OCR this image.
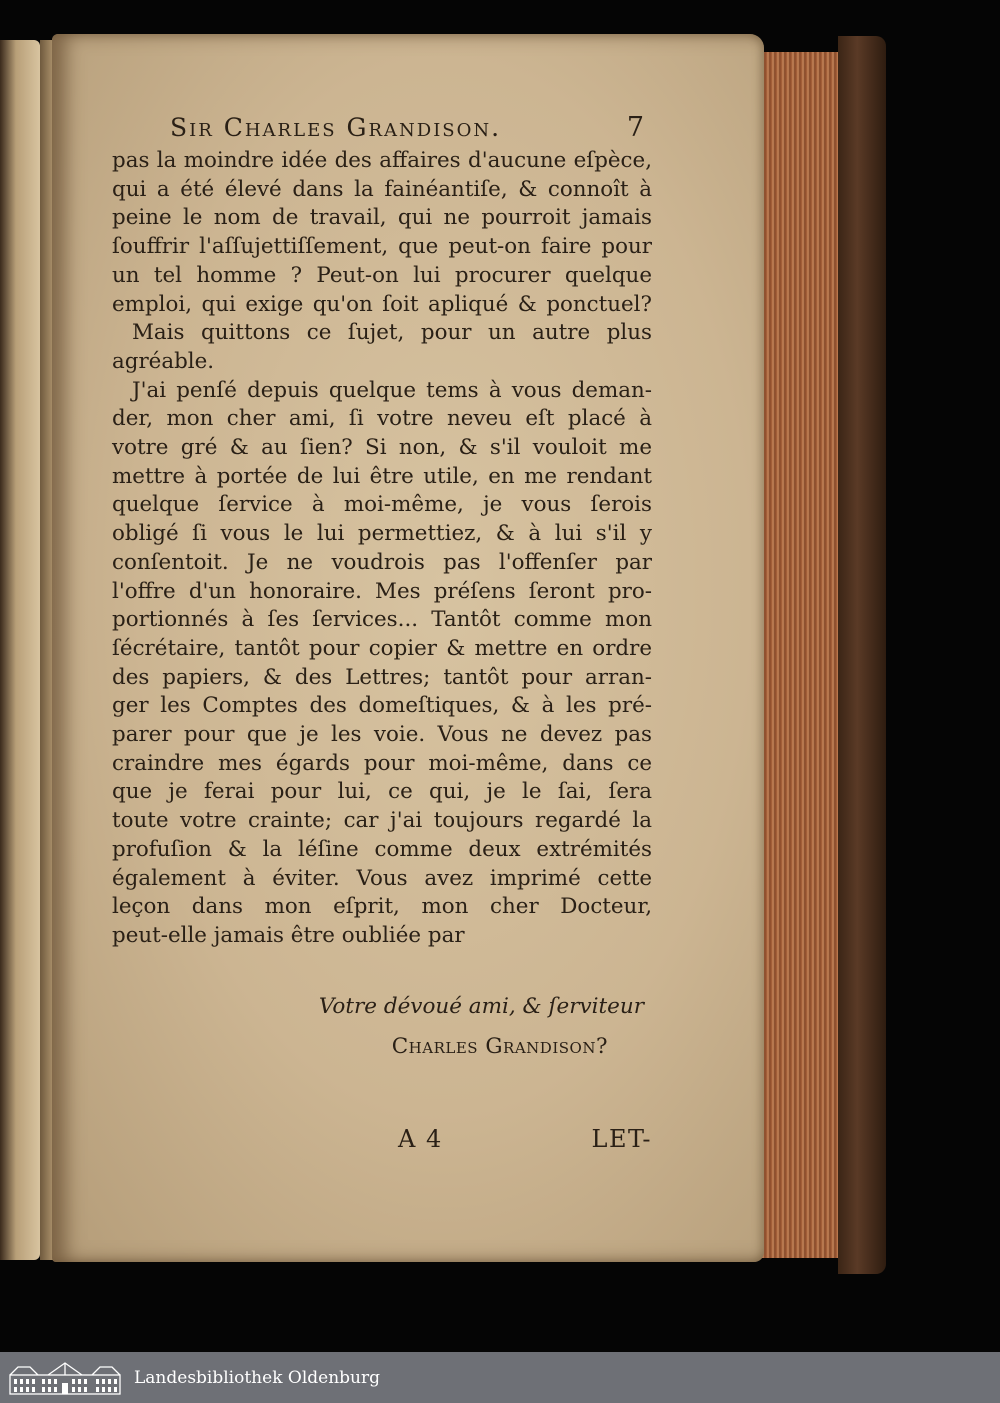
Sir Charles Grandison.	7
pas la moindre idée des affaires d'aucune eſpèce,
qui a été élevé dans la fainéantiſe, & connoît à
peine le nom de travail, qui ne pourroit jamais
ſouffrir l'aſſujettiſſement, que peut-on faire pour
un tel homme ? Peut-on lui procurer quelque
emploi, qui exige qu'on ſoit apliqué & ponctuel?
Mais quittons ce ſujet, pour un autre plus
agréable.
J'ai penſé depuis quelque tems à vous deman-
der, mon cher ami, ſi votre neveu eſt placé à
votre gré & au ſien? Si non, & s'il vouloit me
mettre à portée de lui être utile, en me rendant
quelque ſervice à moi-même, je vous ſerois
obligé ſi vous le lui permettiez, & à lui s'il y
conſentoit. Je ne voudrois pas l'offenſer par
l'offre d'un honoraire. Mes préſens ſeront pro-
portionnés à ſes ſervices... Tantôt comme mon
ſécrétaire, tantôt pour copier & mettre en ordre
des papiers, & des Lettres; tantôt pour arran-
ger les Comptes des domeſtiques, & à les pré-
parer pour que je les voie. Vous ne devez pas
craindre mes égards pour moi-même, dans ce
que je ferai pour lui, ce qui, je le ſai, ſera
toute votre crainte; car j'ai toujours regardé la
profuſion & la léſine comme deux extrémités
également à éviter. Vous avez imprimé cette
leçon dans mon eſprit, mon cher Docteur,
peut-elle jamais être oubliée par
Votre dévoué ami, & ſerviteur
Charles Grandison?
A 4	LET-
Landesbibliothek Oldenburg
